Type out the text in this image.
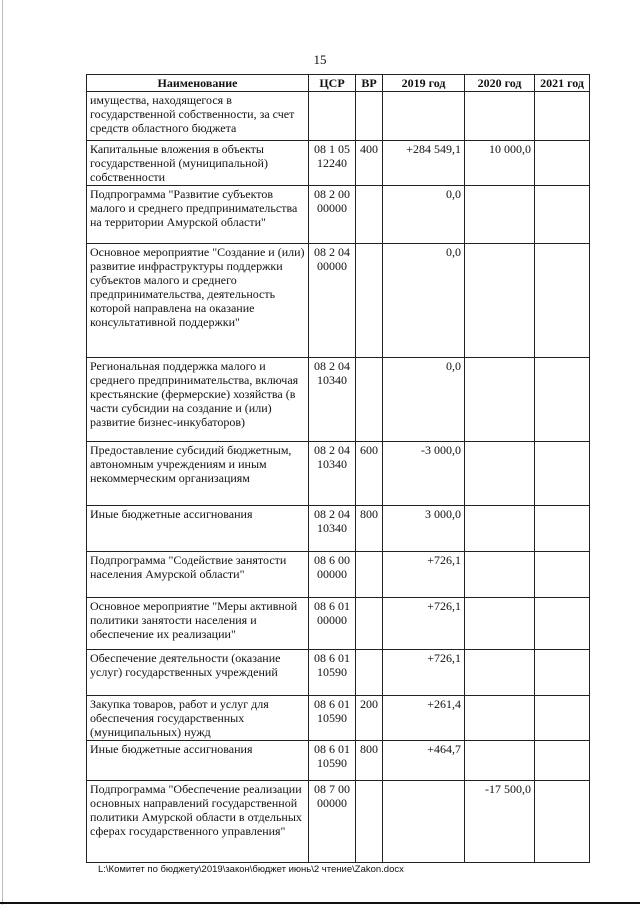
15
Наименование	ЦСР	ВР	2019 год	2020 год	2021 год
имущества, находящегося в государственной собственности, за счет средств областного бюджета					
Капитальные вложения в объекты государственной (муниципальной) собственности	08 1 05 12240	400	+284 549,1	10 000,0	
Подпрограмма "Развитие субъектов малого и среднего предпринимательства на территории Амурской области"	08 2 00 00000		0,0		
Основное мероприятие "Создание и (или) развитие инфраструктуры поддержки субъектов малого и среднего предпринимательства, деятельность которой направлена на оказание консультативной поддержки"	08 2 04 00000		0,0		
Региональная поддержка малого и среднего предпринимательства, включая крестьянские (фермерские) хозяйства (в части субсидии на создание и (или) развитие бизнес-инкубаторов)	08 2 04 10340		0,0		
Предоставление субсидий бюджетным, автономным учреждениям и иным некоммерческим организациям	08 2 04 10340	600	-3 000,0		
Иные бюджетные ассигнования	08 2 04 10340	800	3 000,0		
Подпрограмма "Содействие занятости населения Амурской области"	08 6 00 00000		+726,1		
Основное мероприятие "Меры активной политики занятости населения и обеспечение их реализации"	08 6 01 00000		+726,1		
Обеспечение деятельности (оказание услуг) государственных учреждений	08 6 01 10590		+726,1		
Закупка товаров, работ и услуг для обеспечения государственных (муниципальных) нужд	08 6 01 10590	200	+261,4		
Иные бюджетные ассигнования	08 6 01 10590	800	+464,7		
Подпрограмма "Обеспечение реализации основных направлений государственной политики Амурской области в отдельных сферах государственного управления"	08 7 00 00000			-17 500,0	
L:\Комитет по бюджету\2019\закон\бюджет июнь\2 чтение\Zakon.docx
